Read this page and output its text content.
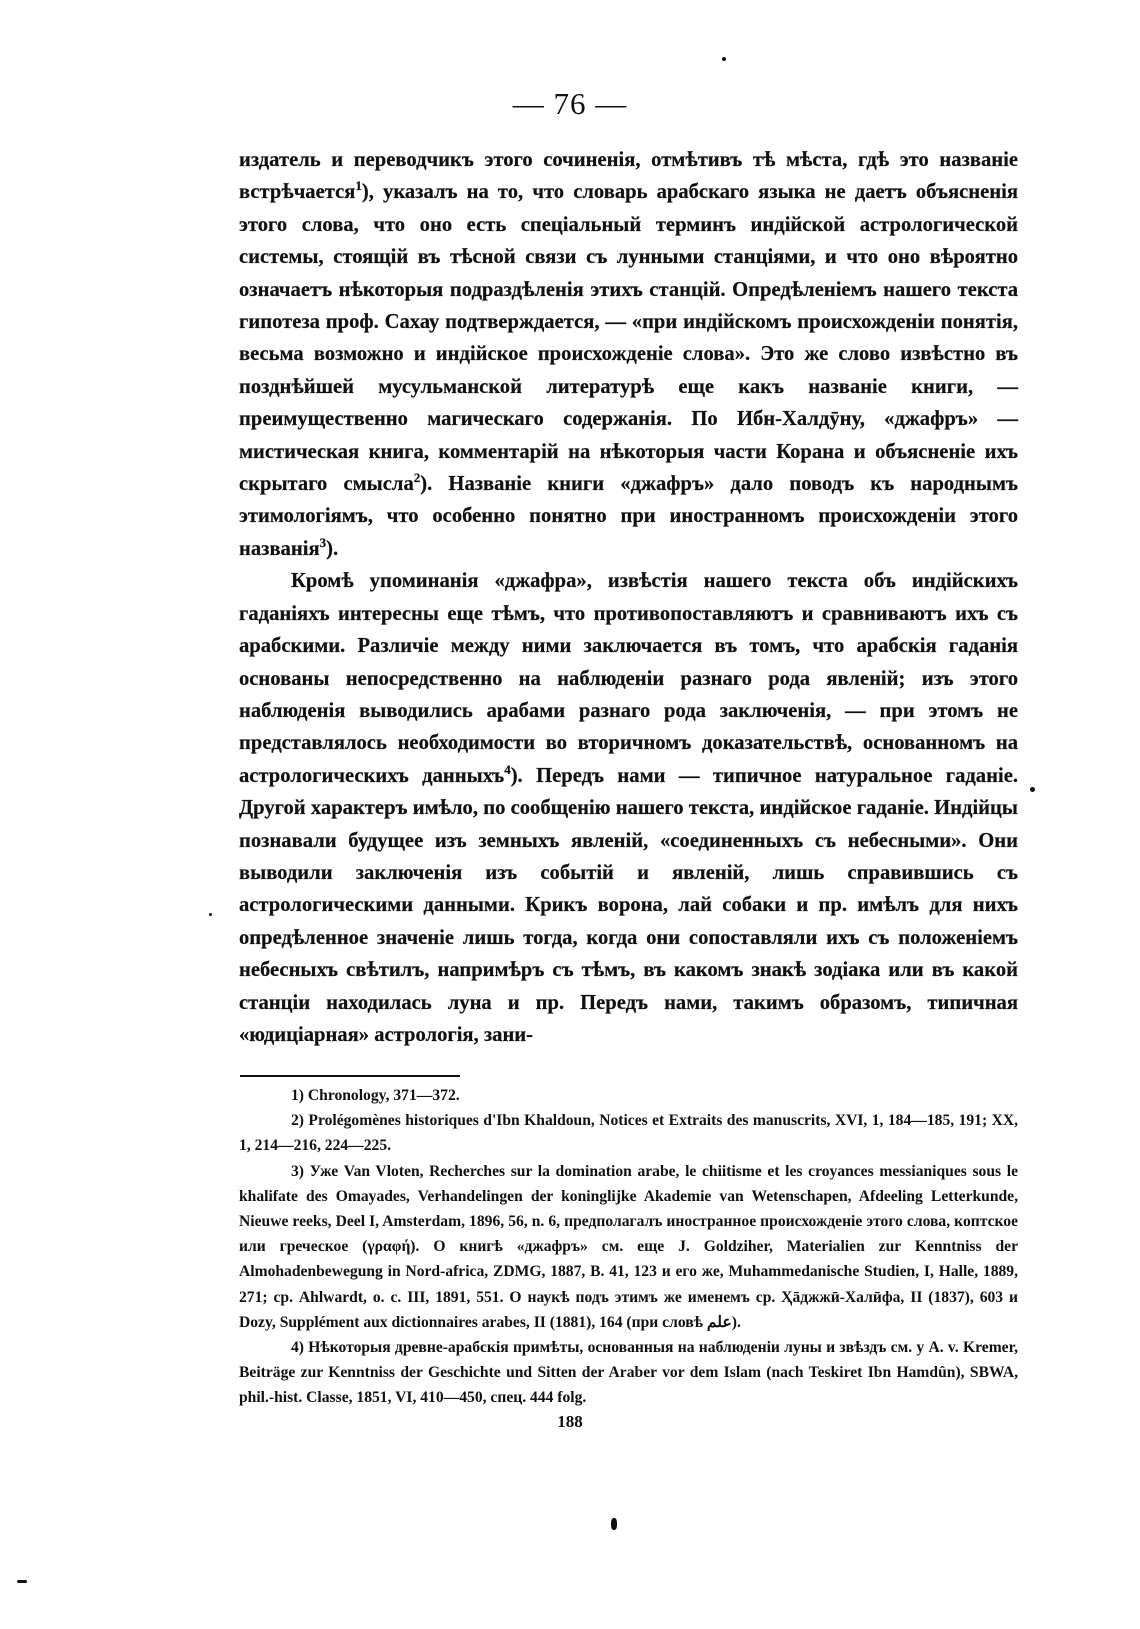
— 76 —

издатель и переводчикъ этого сочиненія, отмѣтивъ тѣ мѣста, гдѣ это названіе встрѣчается$^1$), указалъ на то, что словарь арабскаго языка не даетъ объясненія этого слова, что оно есть спеціальный терминъ индійской астрологической системы, стоящій въ тѣсной связи съ лунными станціями, и что оно вѣроятно означаетъ нѣкоторыя подраздѣленія этихъ станцій. Опредѣленіемъ нашего текста гипотеза проф. Сахау подтверждается, — «при индійскомъ происхожденіи понятія, весьма возможно и индійское происхожденіе слова». Это же слово извѣстно въ позднѣйшей мусульманской литературѣ еще какъ названіе книги, — преимущественно магическаго содержанія. По Ибн-Халдӯну, «джафръ» — мистическая книга, комментарій на нѣкоторыя части Корана и объясненіе ихъ скрытаго смысла$^2$). Названіе книги «джафръ» дало поводъ къ народнымъ этимологіямъ, что особенно понятно при иностранномъ происхожденіи этого названія$^3$).

Кромѣ упоминанія «джафра», извѣстія нашего текста объ индійскихъ гаданіяхъ интересны еще тѣмъ, что противопоставляютъ и сравниваютъ ихъ съ арабскими. Различіе между ними заключается въ томъ, что арабскія гаданія основаны непосредственно на наблюденіи разнаго рода явленій; изъ этого наблюденія выводились арабами разнаго рода заключенія, — при этомъ не представлялось необходимости во вторичномъ доказательствѣ, основанномъ на астрологическихъ данныхъ$^4$). Передъ нами — типичное натуральное гаданіе. Другой характеръ имѣло, по сообщенію нашего текста, индійское гаданіе. Индійцы познавали будущее изъ земныхъ явленій, «соединенныхъ съ небесными». Они выводили заключенія изъ событій и явленій, лишь справившись съ астрологическими данными. Крикъ ворона, лай собаки и пр. имѣлъ для нихъ опредѣленное значеніе лишь тогда, когда они сопоставляли ихъ съ положеніемъ небесныхъ свѣтилъ, напримѣръ съ тѣмъ, въ какомъ знакѣ зодіака или въ какой станціи находилась луна и пр. Передъ нами, такимъ образомъ, типичная «юдиціарная» астрологія, зани-

1) Chronology, 371—372.

2) Prolégomènes historiques d'Ibn Khaldoun, Notices et Extraits des manuscrits, XVI, 1, 184—185, 191; XX, 1, 214—216, 224—225.

3) Уже Van Vloten, Recherches sur la domination arabe, le chiitisme et les croyances messianiques sous le khalifate des Omayades, Verhandelingen der koninglijke Akademie van Wetenschapen, Afdeeling Letterkunde, Nieuwe reeks, Deel I, Amsterdam, 1896, 56, n. 6, предполагалъ иностранное происхожденіе этого слова, коптское или греческое (γραφή). О книгѣ «джафръ» см. еще J. Goldziher, Materialien zur Kenntniss der Almohadenbewegung in Nord-africa, ZDMG, 1887, B. 41, 123 и его же, Muhammedanische Studien, I, Halle, 1889, 271; ср. Ahlwardt, o. c. III, 1891, 551. О наукѣ подъ этимъ же именемъ ср. Ҳāджжӣ-Халӣфа, II (1837), 603 и Dozy, Supplément aux dictionnaires arabes, II (1881), 164 (при словѣ علم).

4) Нѣкоторыя древне-арабскія примѣты, основанныя на наблюденіи луны и звѣздъ см. у A. v. Kremer, Beiträge zur Kenntniss der Geschichte und Sitten der Araber vor dem Islam (nach Teskiret Ibn Hamdûn), SBWA, phil.-hist. Classe, 1851, VI, 410—450, спец. 444 folg.

188
